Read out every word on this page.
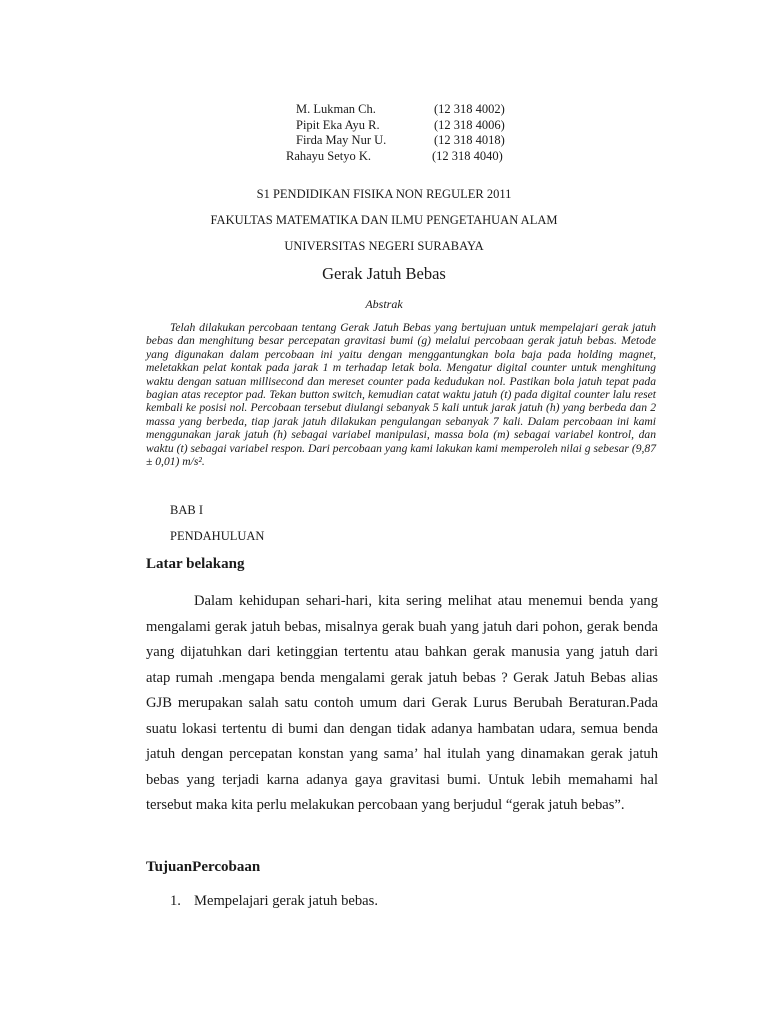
M. Lukman Ch.	(12 318 4002)
Pipit Eka Ayu R.	(12 318 4006)
Firda May Nur U.	(12 318 4018)
Rahayu Setyo K.	(12 318 4040)
S1 PENDIDIKAN FISIKA NON REGULER 2011
FAKULTAS MATEMATIKA DAN ILMU PENGETAHUAN ALAM
UNIVERSITAS NEGERI SURABAYA
Gerak Jatuh Bebas
Abstrak

Telah dilakukan percobaan tentang Gerak Jatuh Bebas yang bertujuan untuk mempelajari gerak jatuh bebas dan menghitung besar percepatan gravitasi bumi (g) melalui percobaan gerak jatuh bebas. Metode yang digunakan dalam percobaan ini yaitu dengan menggantungkan bola baja pada holding magnet, meletakkan pelat kontak pada jarak 1 m terhadap letak bola. Mengatur digital counter untuk menghitung waktu dengan satuan millisecond dan mereset counter pada kedudukan nol. Pastikan bola jatuh tepat pada bagian atas receptor pad. Tekan button switch, kemudian catat waktu jatuh (t) pada digital counter lalu reset kembali ke posisi nol. Percobaan tersebut diulangi sebanyak 5 kali untuk jarak jatuh (h) yang berbeda dan 2 massa yang berbeda, tiap jarak jatuh dilakukan pengulangan sebanyak 7 kali. Dalam percobaan ini kami menggunakan jarak jatuh (h) sebagai variabel manipulasi, massa bola (m) sebagai variabel kontrol, dan waktu (t) sebagai variabel respon. Dari percobaan yang kami lakukan kami memperoleh nilai g sebesar (9,87 ± 0,01) m/s².

BAB I
PENDAHULUAN
Latar belakang

Dalam kehidupan sehari-hari, kita sering melihat atau menemui benda yang mengalami gerak jatuh bebas, misalnya gerak buah yang jatuh dari pohon, gerak benda yang dijatuhkan dari ketinggian tertentu atau bahkan gerak manusia yang jatuh dari atap rumah .mengapa benda mengalami gerak jatuh bebas ? Gerak Jatuh Bebas alias GJB merupakan salah satu contoh umum dari Gerak Lurus Berubah Beraturan.Pada suatu lokasi tertentu di bumi dan dengan tidak adanya hambatan udara, semua benda jatuh dengan percepatan konstan yang sama’ hal itulah yang dinamakan gerak jatuh bebas yang terjadi karna adanya gaya gravitasi bumi. Untuk lebih memahami hal tersebut maka kita perlu melakukan percobaan yang berjudul “gerak jatuh bebas”.

TujuanPercobaan
1. Mempelajari gerak jatuh bebas.
